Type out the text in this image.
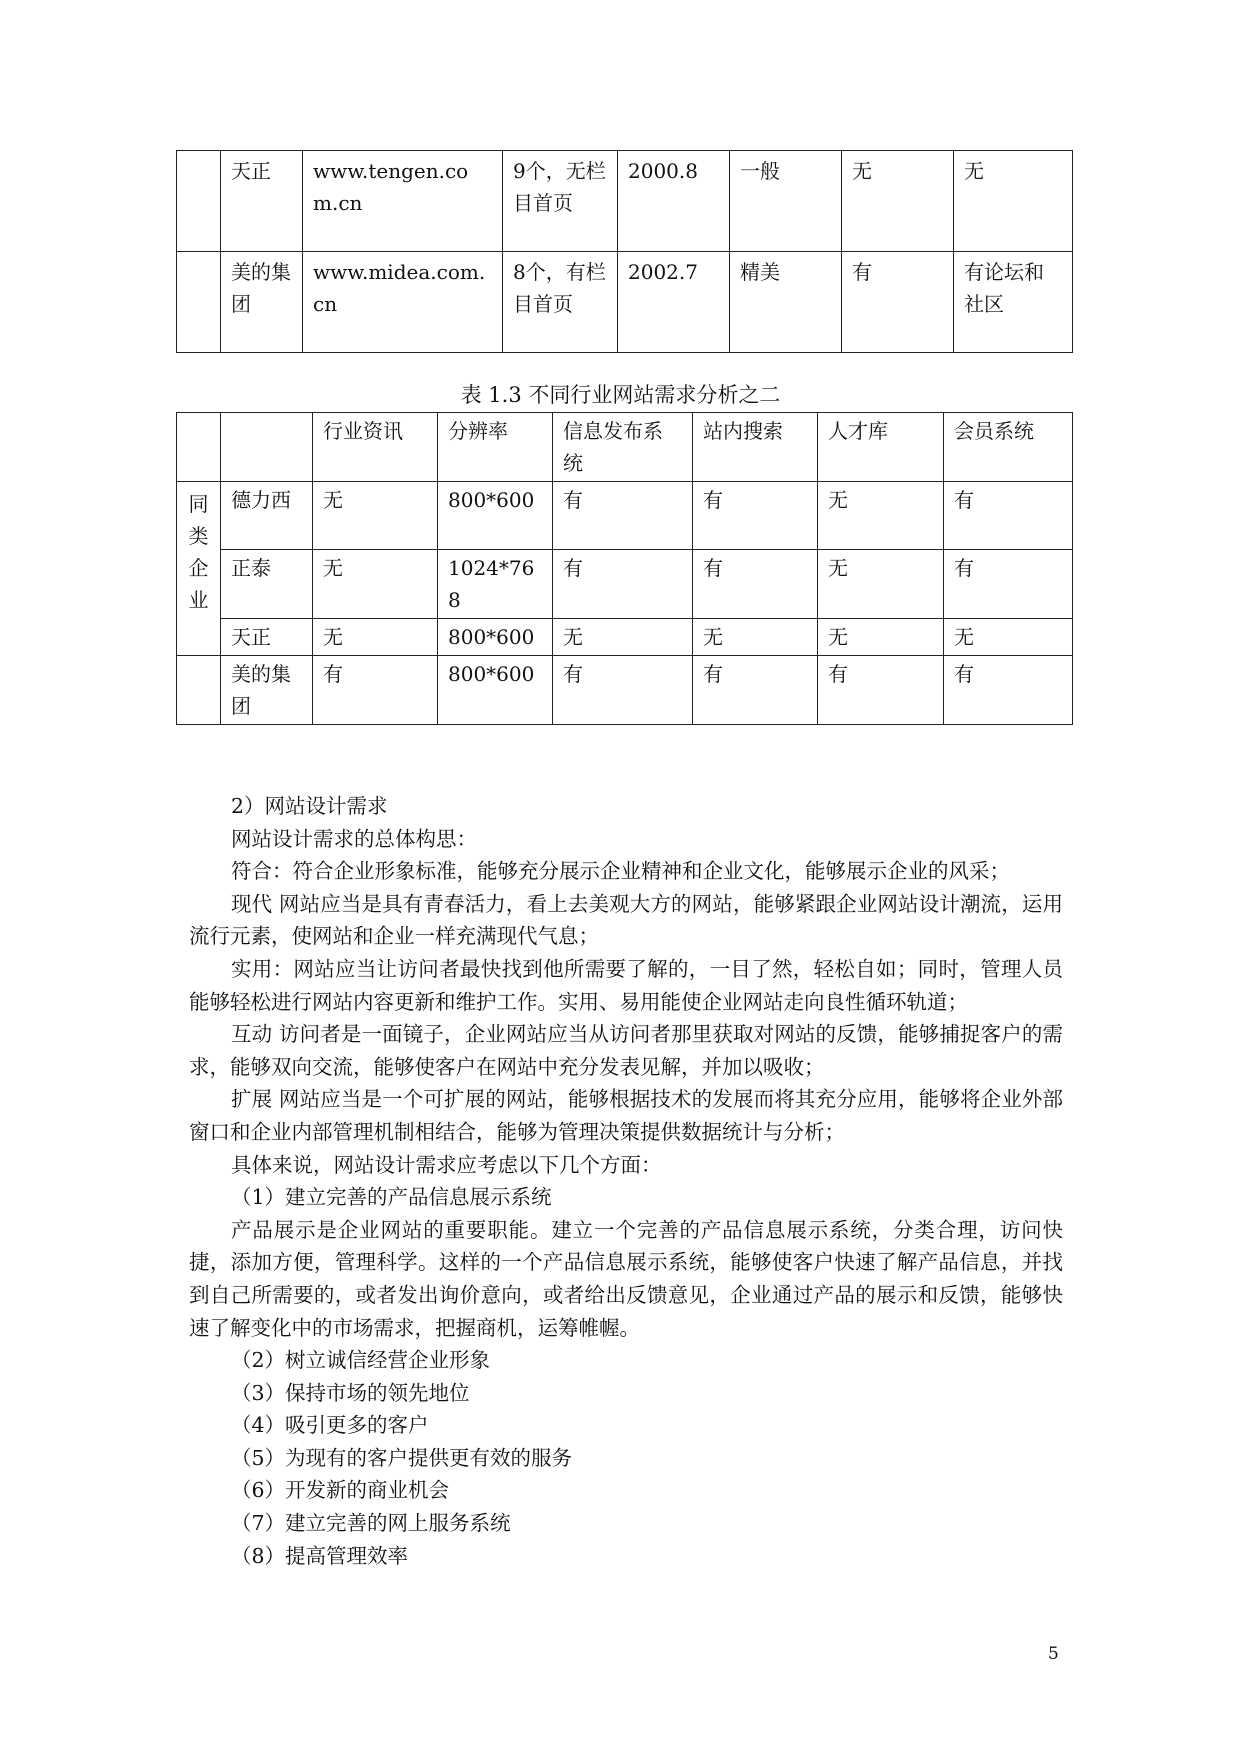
	天正	www.tengen.com.cn	9个，无栏目首页	2000.8	一般	无	无
	美的集团	www.midea.com.cn	8个，有栏目首页	2002.7	精美	有	有论坛和社区
表 1.3 不同行业网站需求分析之二
		行业资讯	分辨率	信息发布系统	站内搜索	人才库	会员系统

同类企业	德力西	无	800*600	有	有	无	有
	正泰	无	1024*768	有	有	无	有
	天正	无	800*600	无	无	无	无
	美的集团	有	800*600	有	有	有	有

2）网站设计需求

网站设计需求的总体构思：

符合：符合企业形象标准，能够充分展示企业精神和企业文化，能够展示企业的风采；

现代 网站应当是具有青春活力，看上去美观大方的网站，能够紧跟企业网站设计潮流，运用流行元素，使网站和企业一样充满现代气息；

实用：网站应当让访问者最快找到他所需要了解的，一目了然，轻松自如；同时，管理人员能够轻松进行网站内容更新和维护工作。实用、易用能使企业网站走向良性循环轨道；

互动 访问者是一面镜子，企业网站应当从访问者那里获取对网站的反馈，能够捕捉客户的需求，能够双向交流，能够使客户在网站中充分发表见解，并加以吸收；

扩展 网站应当是一个可扩展的网站，能够根据技术的发展而将其充分应用，能够将企业外部窗口和企业内部管理机制相结合，能够为管理决策提供数据统计与分析；

具体来说，网站设计需求应考虑以下几个方面：

（1）建立完善的产品信息展示系统

产品展示是企业网站的重要职能。建立一个完善的产品信息展示系统，分类合理，访问快捷，添加方便，管理科学。这样的一个产品信息展示系统，能够使客户快速了解产品信息，并找到自己所需要的，或者发出询价意向，或者给出反馈意见，企业通过产品的展示和反馈，能够快速了解变化中的市场需求，把握商机，运筹帷幄。

（2）树立诚信经营企业形象

（3）保持市场的领先地位

（4）吸引更多的客户

（5）为现有的客户提供更有效的服务

（6）开发新的商业机会

（7）建立完善的网上服务系统

（8）提高管理效率

5
